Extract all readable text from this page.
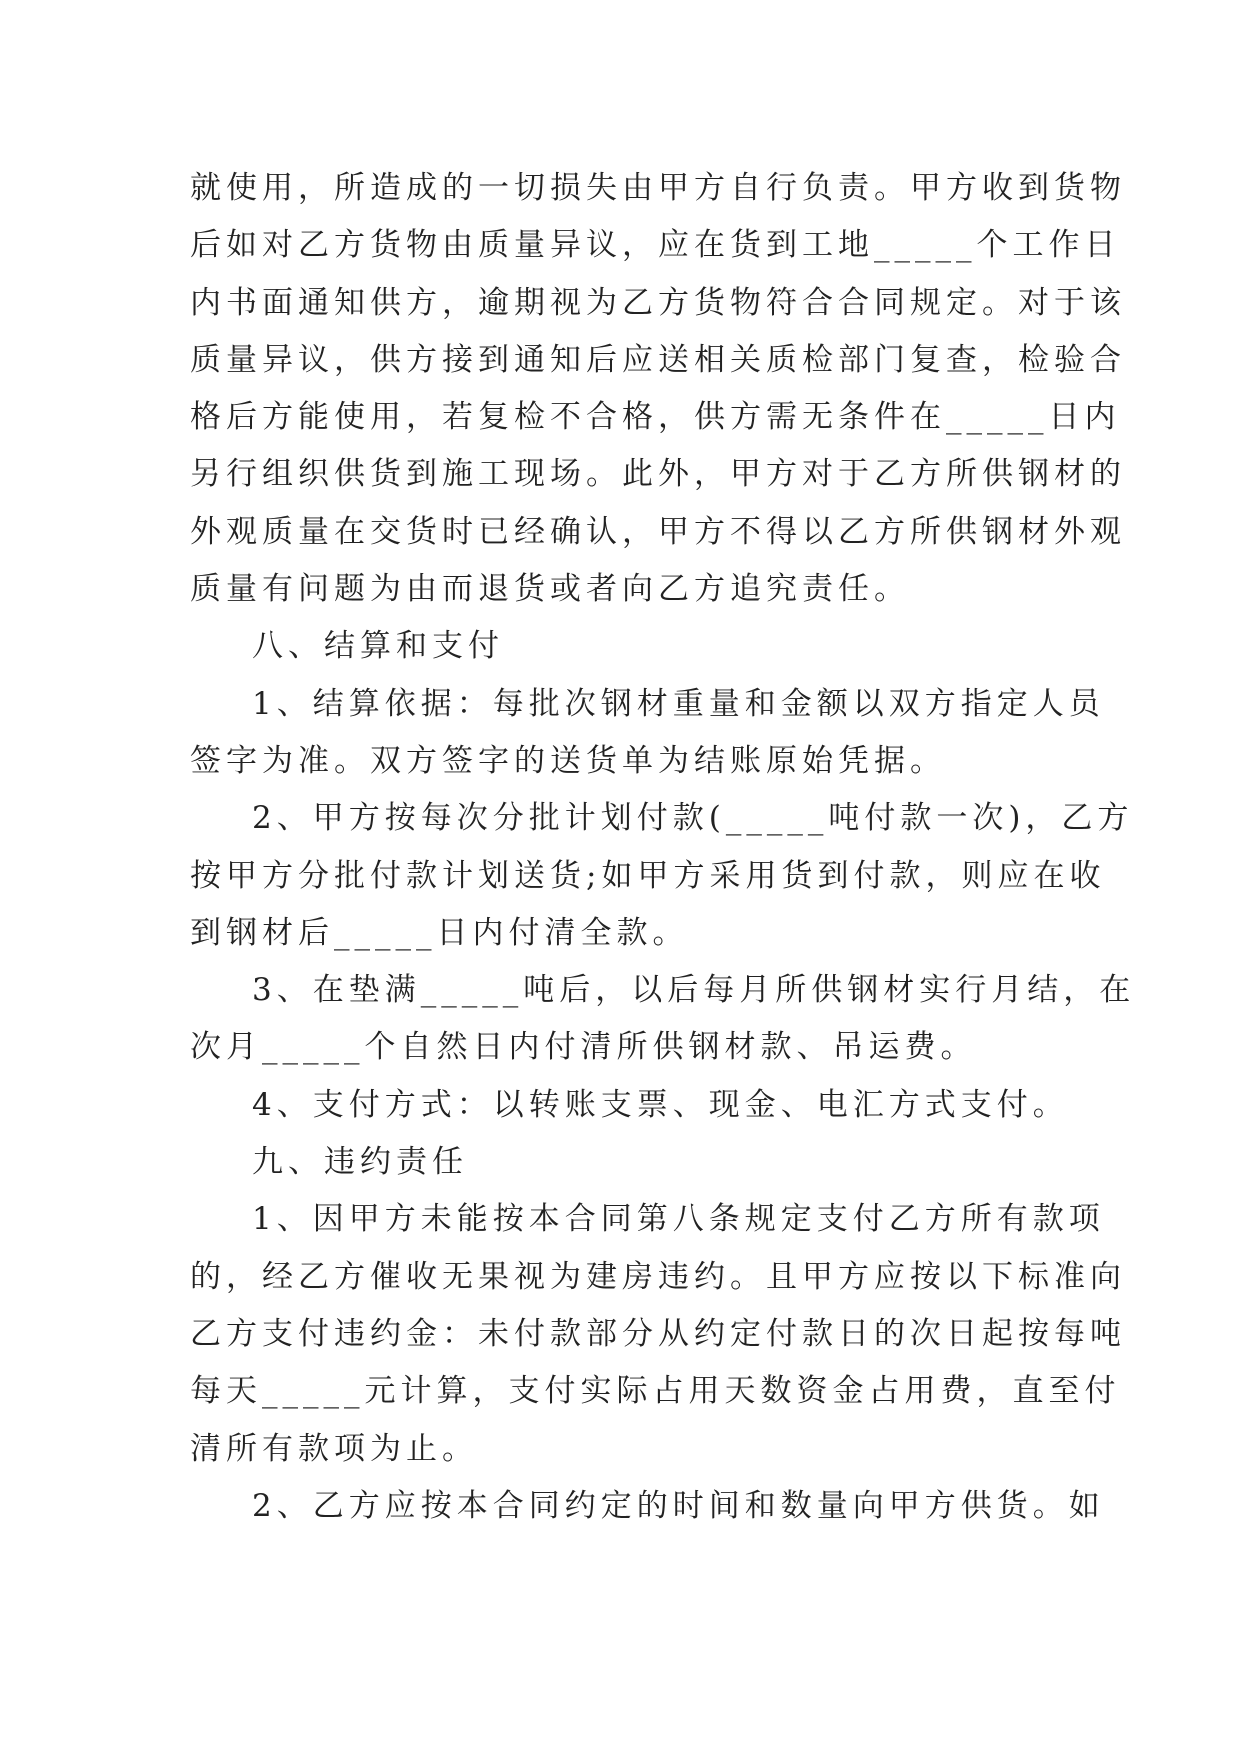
就使用，所造成的一切损失由甲方自行负责。甲方收到货物
后如对乙方货物由质量异议，应在货到工地_____个工作日
内书面通知供方，逾期视为乙方货物符合合同规定。对于该
质量异议，供方接到通知后应送相关质检部门复查，检验合
格后方能使用，若复检不合格，供方需无条件在_____日内
另行组织供货到施工现场。此外，甲方对于乙方所供钢材的
外观质量在交货时已经确认，甲方不得以乙方所供钢材外观
质量有问题为由而退货或者向乙方追究责任。
八、结算和支付
1、结算依据：每批次钢材重量和金额以双方指定人员
签字为准。双方签字的送货单为结账原始凭据。
2、甲方按每次分批计划付款(_____吨付款一次)，乙方
按甲方分批付款计划送货;如甲方采用货到付款，则应在收
到钢材后_____日内付清全款。
3、在垫满_____吨后，以后每月所供钢材实行月结，在
次月_____个自然日内付清所供钢材款、吊运费。
4、支付方式：以转账支票、现金、电汇方式支付。
九、违约责任
1、因甲方未能按本合同第八条规定支付乙方所有款项
的，经乙方催收无果视为建房违约。且甲方应按以下标准向
乙方支付违约金：未付款部分从约定付款日的次日起按每吨
每天_____元计算，支付实际占用天数资金占用费，直至付
清所有款项为止。
2、乙方应按本合同约定的时间和数量向甲方供货。如
